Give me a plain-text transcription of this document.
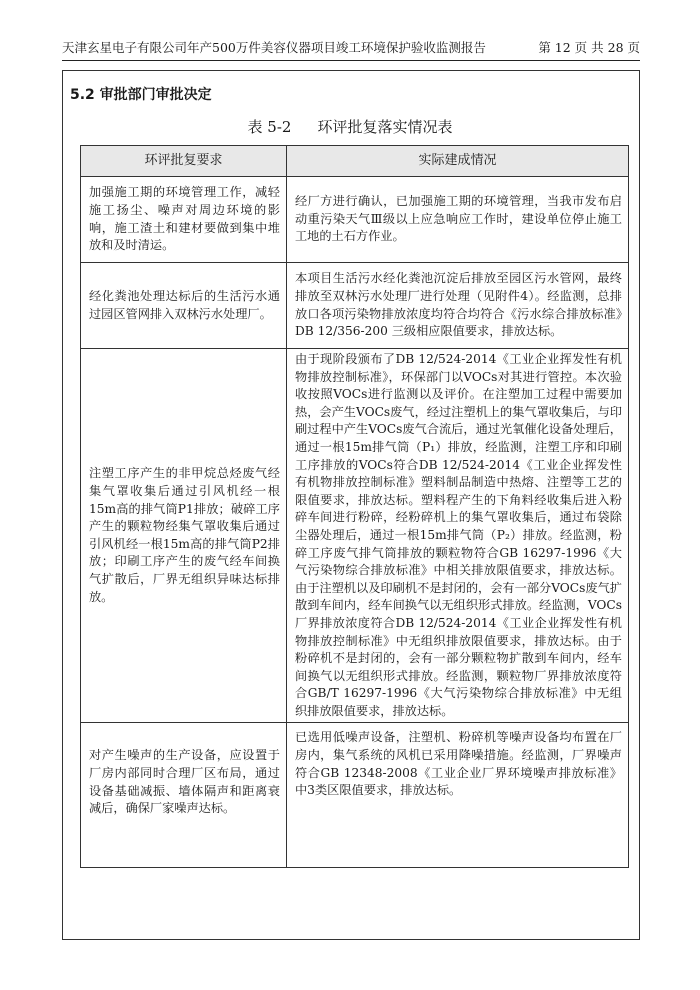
天津玄星电子有限公司年产500万件美容仪器项目竣工环境保护验收监测报告	第 12 页 共 28 页
5.2 审批部门审批决定
表 5-2 环评批复落实情况表
环评批复要求	实际建成情况
加强施工期的环境管理工作，减轻施工扬尘、噪声对周边环境的影响，施工渣土和建材要做到集中堆放和及时清运。	经厂方进行确认，已加强施工期的环境管理，当我市发布启动重污染天气Ⅲ级以上应急响应工作时，建设单位停止施工工地的土石方作业。
经化粪池处理达标后的生活污水通过园区管网排入双林污水处理厂。	本项目生活污水经化粪池沉淀后排放至园区污水管网，最终排放至双林污水处理厂进行处理（见附件4）。经监测，总排放口各项污染物排放浓度均符合均符合《污水综合排放标准》DB 12/356-200 三级相应限值要求，排放达标。
注塑工序产生的非甲烷总烃废气经集气罩收集后通过引风机经一根15m高的排气筒P1排放；破碎工序产生的颗粒物经集气罩收集后通过引风机经一根15m高的排气筒P2排放；印刷工序产生的废气经车间换气扩散后，厂界无组织异味达标排放。	由于现阶段颁布了DB 12/524-2014《工业企业挥发性有机物排放控制标准》，环保部门以VOCs对其进行管控。本次验收按照VOCs进行监测以及评价。在注塑加工过程中需要加热，会产生VOCs废气，经过注塑机上的集气罩收集后，与印刷过程中产生VOCs废气合流后，通过光氧催化设备处理后，通过一根15m排气筒（P₁）排放，经监测，注塑工序和印刷工序排放的VOCs符合DB 12/524-2014《工业企业挥发性有机物排放控制标准》塑料制品制造中热熔、注塑等工艺的限值要求，排放达标。塑料程产生的下角料经收集后进入粉碎车间进行粉碎，经粉碎机上的集气罩收集后，通过布袋除尘器处理后，通过一根15m排气筒（P₂）排放。经监测，粉碎工序废气排气筒排放的颗粒物符合GB 16297-1996《大气污染物综合排放标准》中相关排放限值要求，排放达标。由于注塑机以及印刷机不是封闭的，会有一部分VOCs废气扩散到车间内，经车间换气以无组织形式排放。经监测，VOCs厂界排放浓度符合DB 12/524-2014《工业企业挥发性有机物排放控制标准》中无组织排放限值要求，排放达标。由于粉碎机不是封闭的，会有一部分颗粒物扩散到车间内，经车间换气以无组织形式排放。经监测，颗粒物厂界排放浓度符合GB/T 16297-1996《大气污染物综合排放标准》中无组织排放限值要求，排放达标。
对产生噪声的生产设备，应设置于厂房内部同时合理厂区布局，通过设备基础减振、墙体隔声和距离衰减后，确保厂家噪声达标。	已选用低噪声设备，注塑机、粉碎机等噪声设备均布置在厂房内，集气系统的风机已采用降噪措施。经监测，厂界噪声符合GB 12348-2008《工业企业厂界环境噪声排放标准》中3类区限值要求，排放达标。
